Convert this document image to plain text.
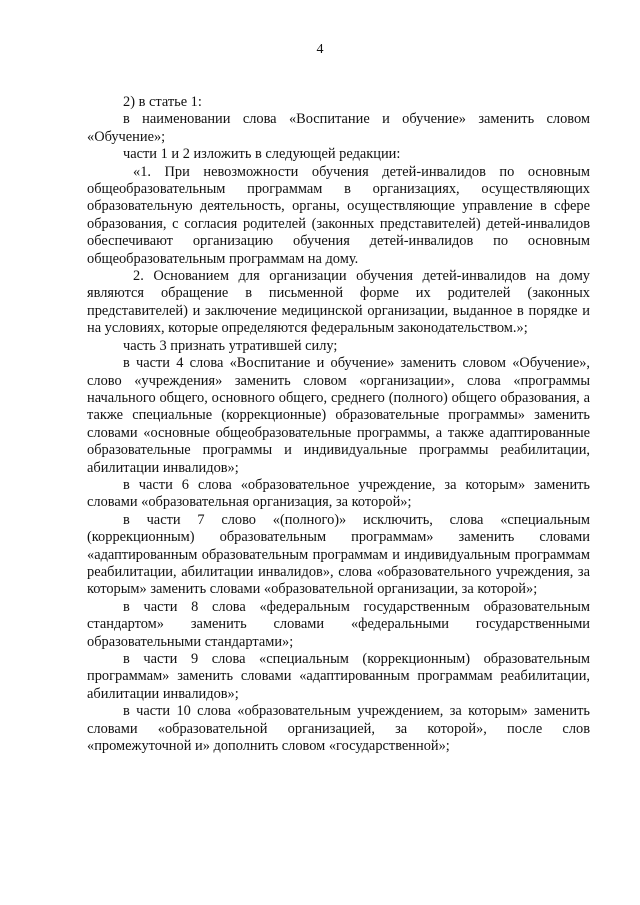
4

2) в статье 1:

в наименовании слова «Воспитание и обучение» заменить словом «Обучение»;

части 1 и 2 изложить в следующей редакции:

«1. При невозможности обучения детей-инвалидов по основным общеобразовательным программам в организациях, осуществляющих образовательную деятельность, органы, осуществляющие управление в сфере образования, с согласия родителей (законных представителей) детей-инвалидов обеспечивают организацию обучения детей-инвалидов по основным общеобразовательным программам на дому.

2. Основанием для организации обучения детей-инвалидов на дому являются обращение в письменной форме их родителей (законных представителей) и заключение медицинской организации, выданное в порядке и на условиях, которые определяются федеральным законодательством.»;

часть 3 признать утратившей силу;

в части 4 слова «Воспитание и обучение» заменить словом «Обучение», слово «учреждения» заменить словом «организации», слова «программы начального общего, основного общего, среднего (полного) общего образования, а также специальные (коррекционные) образовательные программы» заменить словами «основные общеобразовательные программы, а также адаптированные образовательные программы и индивидуальные программы реабилитации, абилитации инвалидов»;

в части 6 слова «образовательное учреждение, за которым» заменить словами «образовательная организация, за которой»;

в части 7 слово «(полного)» исключить, слова «специальным (коррекционным) образовательным программам» заменить словами «адаптированным образовательным программам и индивидуальным программам реабилитации, абилитации инвалидов», слова «образовательного учреждения, за которым» заменить словами «образовательной организации, за которой»;

в части 8 слова «федеральным государственным образовательным стандартом» заменить словами «федеральными государственными образовательными стандартами»;

в части 9 слова «специальным (коррекционным) образовательным программам» заменить словами «адаптированным программам реабилитации, абилитации инвалидов»;

в части 10 слова «образовательным учреждением, за которым» заменить словами «образовательной организацией, за которой», после слов «промежуточной и» дополнить словом «государственной»;
